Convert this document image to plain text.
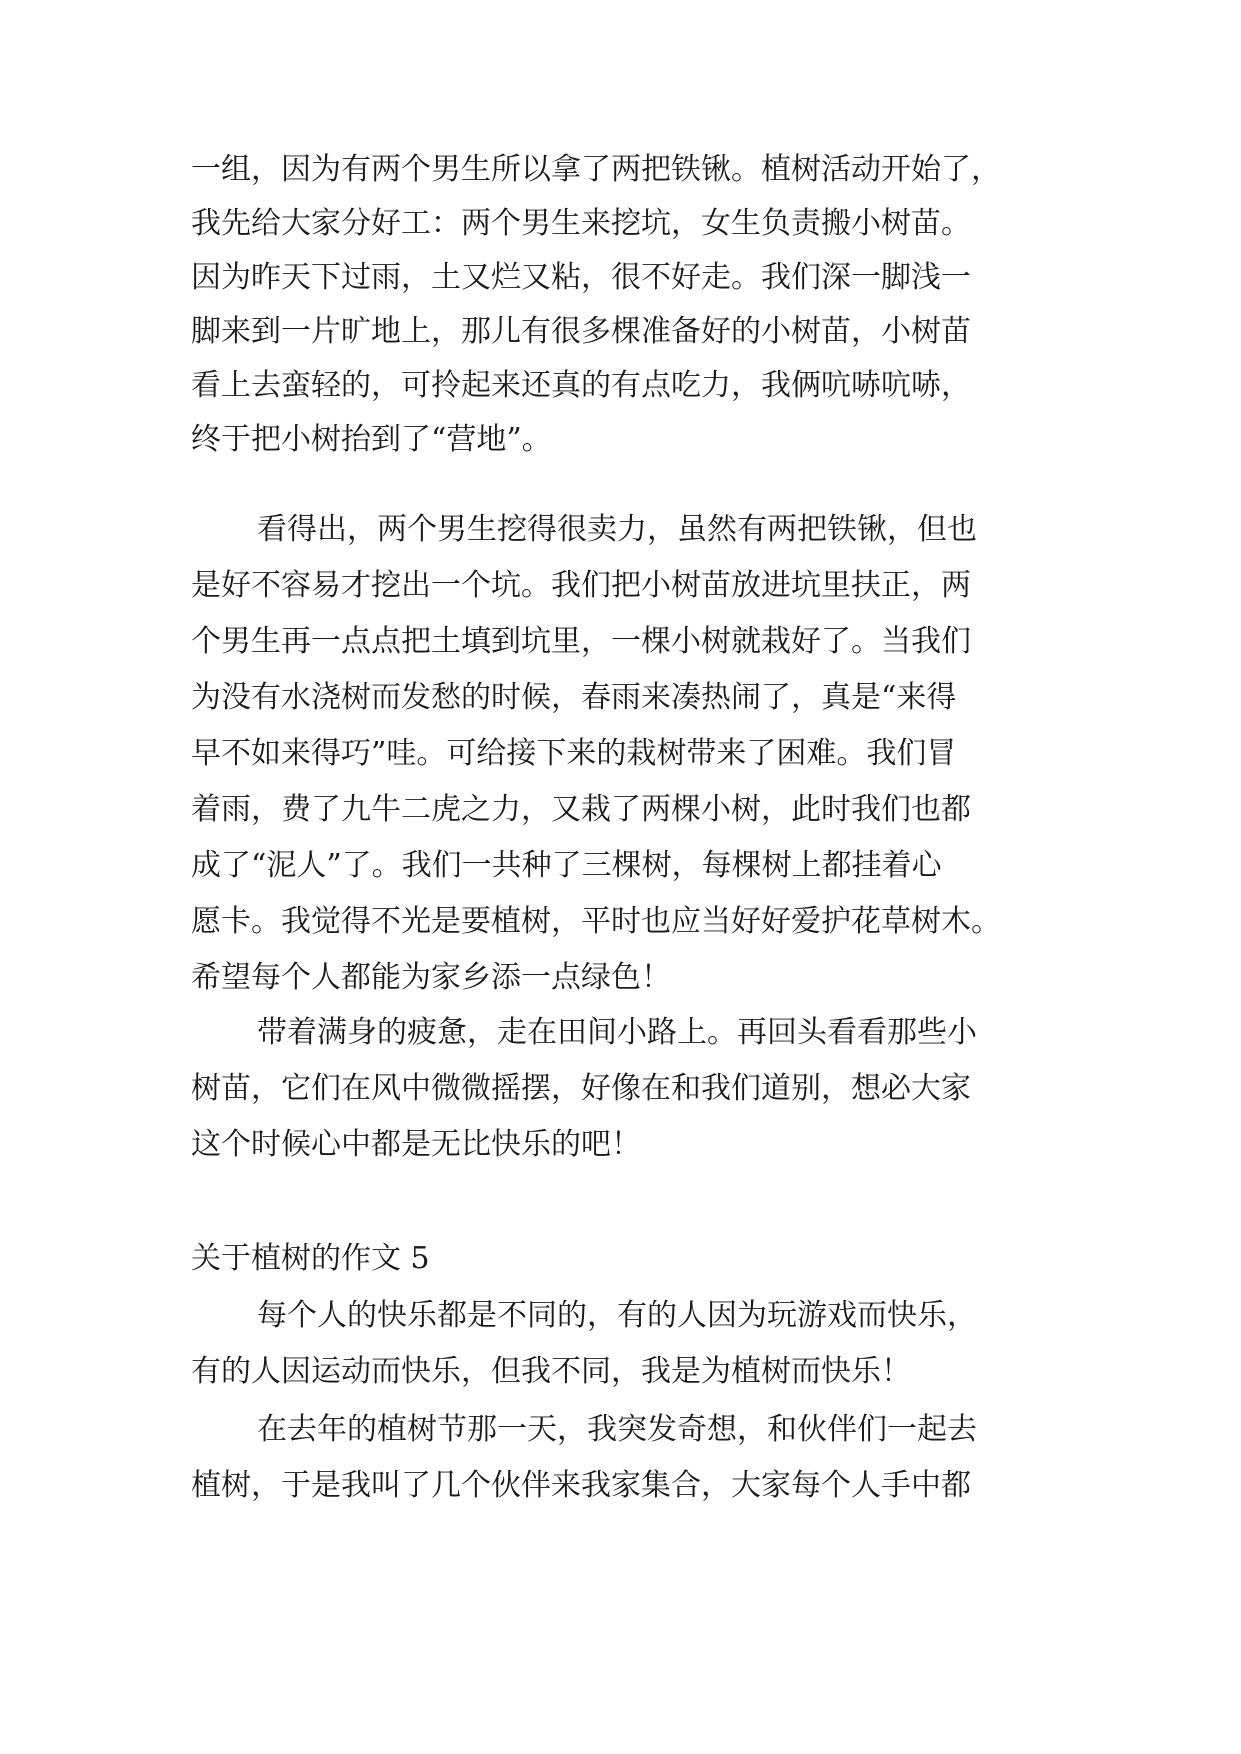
一组，因为有两个男生所以拿了两把铁锹。植树活动开始了，
我先给大家分好工：两个男生来挖坑，女生负责搬小树苗。
因为昨天下过雨，土又烂又粘，很不好走。我们深一脚浅一
脚来到一片旷地上，那儿有很多棵准备好的小树苗，小树苗
看上去蛮轻的，可拎起来还真的有点吃力，我俩吭哧吭哧，
终于把小树抬到了“营地”。
看得出，两个男生挖得很卖力，虽然有两把铁锹，但也
是好不容易才挖出一个坑。我们把小树苗放进坑里扶正，两
个男生再一点点把土填到坑里，一棵小树就栽好了。当我们
为没有水浇树而发愁的时候，春雨来凑热闹了，真是“来得
早不如来得巧”哇。可给接下来的栽树带来了困难。我们冒
着雨，费了九牛二虎之力，又栽了两棵小树，此时我们也都
成了“泥人”了。我们一共种了三棵树，每棵树上都挂着心
愿卡。我觉得不光是要植树，平时也应当好好爱护花草树木。
希望每个人都能为家乡添一点绿色！
带着满身的疲惫，走在田间小路上。再回头看看那些小
树苗，它们在风中微微摇摆，好像在和我们道别，想必大家
这个时候心中都是无比快乐的吧！
关于植树的作文 5
每个人的快乐都是不同的，有的人因为玩游戏而快乐，
有的人因运动而快乐，但我不同，我是为植树而快乐！
在去年的植树节那一天，我突发奇想，和伙伴们一起去
植树，于是我叫了几个伙伴来我家集合，大家每个人手中都
